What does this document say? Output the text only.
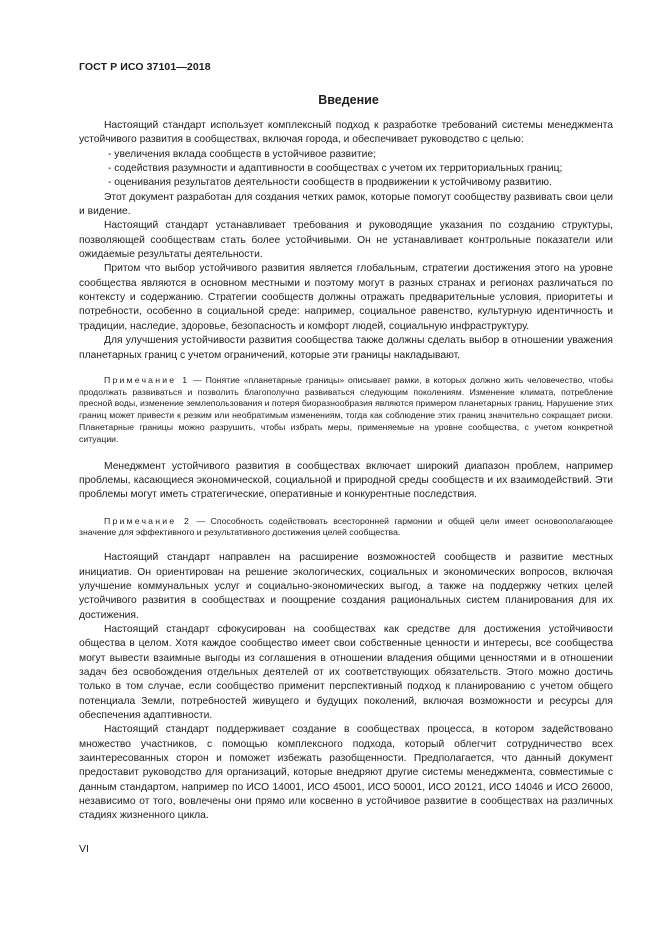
ГОСТ Р ИСО 37101—2018
Введение

Настоящий стандарт использует комплексный подход к разработке требований системы менеджмента устойчивого развития в сообществах, включая города, и обеспечивает руководство с целью:

- увеличения вклада сообществ в устойчивое развитие;

- содействия разумности и адаптивности в сообществах с учетом их территориальных границ;

- оценивания результатов деятельности сообществ в продвижении к устойчивому развитию.

Этот документ разработан для создания четких рамок, которые помогут сообществу развивать свои цели и видение.

Настоящий стандарт устанавливает требования и руководящие указания по созданию структуры, позволяющей сообществам стать более устойчивыми. Он не устанавливает контрольные показатели или ожидаемые результаты деятельности.

Притом что выбор устойчивого развития является глобальным, стратегии достижения этого на уровне сообщества являются в основном местными и поэтому могут в разных странах и регионах различаться по контексту и содержанию. Стратегии сообществ должны отражать предварительные условия, приоритеты и потребности, особенно в социальной среде: например, социальное равенство, культурную идентичность и традиции, наследие, здоровье, безопасность и комфорт людей, социальную инфраструктуру.

Для улучшения устойчивости развития сообщества также должны сделать выбор в отношении уважения планетарных границ с учетом ограничений, которые эти границы накладывают.

Примечание 1 — Понятие «планетарные границы» описывает рамки, в которых должно жить человечество, чтобы продолжать развиваться и позволить благополучно развиваться следующим поколениям. Изменение климата, потребление пресной воды, изменение землепользования и потеря биоразнообразия являются примером планетарных границ. Нарушение этих границ может привести к резким или необратимым изменениям, тогда как соблюдение этих границ значительно сокращает риски. Планетарные границы можно разрушить, чтобы избрать меры, применяемые на уровне сообщества, с учетом конкретной ситуации.

Менеджмент устойчивого развития в сообществах включает широкий диапазон проблем, например проблемы, касающиеся экономической, социальной и природной среды сообществ и их взаимодействий. Эти проблемы могут иметь стратегические, оперативные и конкурентные последствия.

Примечание 2 — Способность содействовать всесторонней гармонии и общей цели имеет основополагающее значение для эффективного и результативного достижения целей сообщества.

Настоящий стандарт направлен на расширение возможностей сообществ и развитие местных инициатив. Он ориентирован на решение экологических, социальных и экономических вопросов, включая улучшение коммунальных услуг и социально-экономических выгод, а также на поддержку четких целей устойчивого развития в сообществах и поощрение создания рациональных систем планирования для их достижения.

Настоящий стандарт сфокусирован на сообществах как средстве для достижения устойчивости общества в целом. Хотя каждое сообщество имеет свои собственные ценности и интересы, все сообщества могут вывести взаимные выгоды из соглашения в отношении владения общими ценностями и в отношении задач без освобождения отдельных деятелей от их соответствующих обязательств. Этого можно достичь только в том случае, если сообщество применит перспективный подход к планированию с учетом общего потенциала Земли, потребностей живущего и будущих поколений, включая возможности и ресурсы для обеспечения адаптивности.

Настоящий стандарт поддерживает создание в сообществах процесса, в котором задействовано множество участников, с помощью комплексного подхода, который облегчит сотрудничество всех заинтересованных сторон и поможет избежать разобщенности. Предполагается, что данный документ предоставит руководство для организаций, которые внедряют другие системы менеджмента, совместимые с данным стандартом, например по ИСО 14001, ИСО 45001, ИСО 50001, ИСО 20121, ИСО 14046 и ИСО 26000, независимо от того, вовлечены они прямо или косвенно в устойчивое развитие в сообществах на различных стадиях жизненного цикла.

VI
